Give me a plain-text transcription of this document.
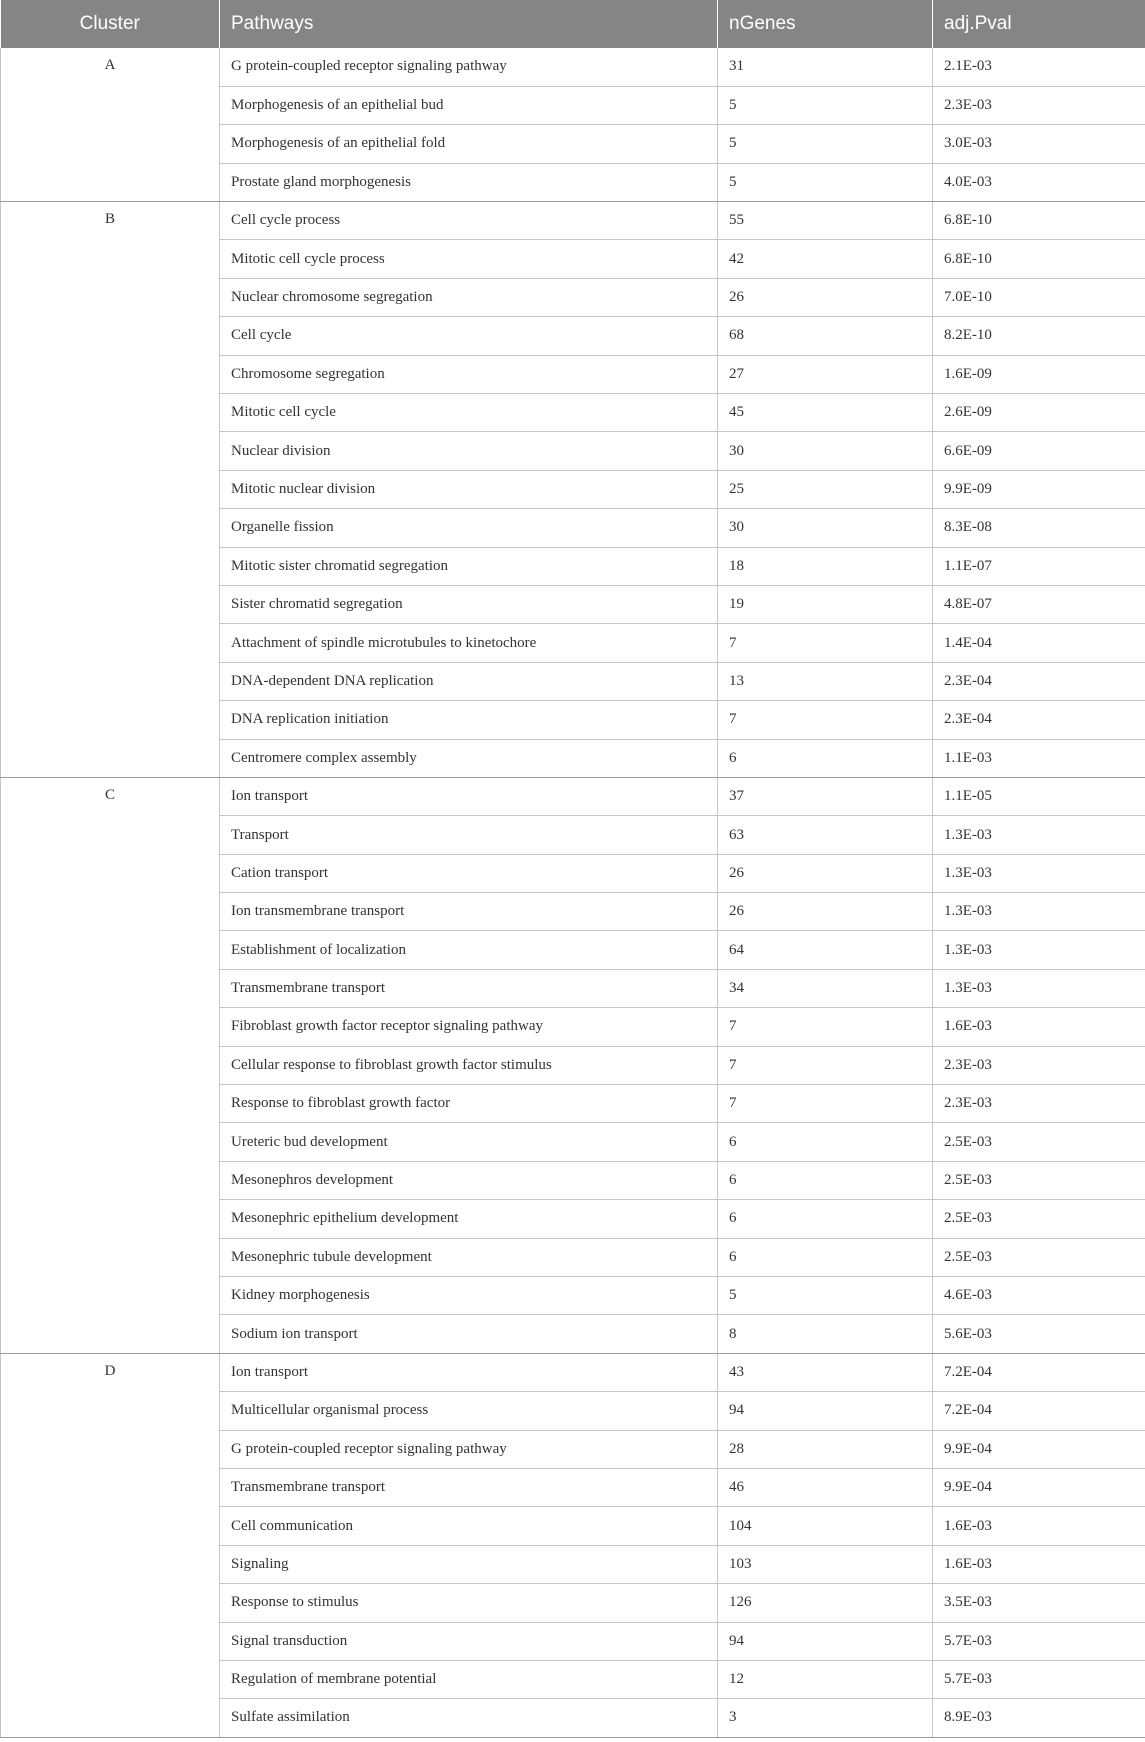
Cluster	Pathways	nGenes	adj.Pval
A	G protein-coupled receptor signaling pathway	31	2.1E-03
	Morphogenesis of an epithelial bud	5	2.3E-03
	Morphogenesis of an epithelial fold	5	3.0E-03
	Prostate gland morphogenesis	5	4.0E-03
B	Cell cycle process	55	6.8E-10
	Mitotic cell cycle process	42	6.8E-10
	Nuclear chromosome segregation	26	7.0E-10
	Cell cycle	68	8.2E-10
	Chromosome segregation	27	1.6E-09
	Mitotic cell cycle	45	2.6E-09
	Nuclear division	30	6.6E-09
	Mitotic nuclear division	25	9.9E-09
	Organelle fission	30	8.3E-08
	Mitotic sister chromatid segregation	18	1.1E-07
	Sister chromatid segregation	19	4.8E-07
	Attachment of spindle microtubules to kinetochore	7	1.4E-04
	DNA-dependent DNA replication	13	2.3E-04
	DNA replication initiation	7	2.3E-04
	Centromere complex assembly	6	1.1E-03
C	Ion transport	37	1.1E-05
	Transport	63	1.3E-03
	Cation transport	26	1.3E-03
	Ion transmembrane transport	26	1.3E-03
	Establishment of localization	64	1.3E-03
	Transmembrane transport	34	1.3E-03
	Fibroblast growth factor receptor signaling pathway	7	1.6E-03
	Cellular response to fibroblast growth factor stimulus	7	2.3E-03
	Response to fibroblast growth factor	7	2.3E-03
	Ureteric bud development	6	2.5E-03
	Mesonephros development	6	2.5E-03
	Mesonephric epithelium development	6	2.5E-03
	Mesonephric tubule development	6	2.5E-03
	Kidney morphogenesis	5	4.6E-03
	Sodium ion transport	8	5.6E-03
D	Ion transport	43	7.2E-04
	Multicellular organismal process	94	7.2E-04
	G protein-coupled receptor signaling pathway	28	9.9E-04
	Transmembrane transport	46	9.9E-04
	Cell communication	104	1.6E-03
	Signaling	103	1.6E-03
	Response to stimulus	126	3.5E-03
	Signal transduction	94	5.7E-03
	Regulation of membrane potential	12	5.7E-03
	Sulfate assimilation	3	8.9E-03
